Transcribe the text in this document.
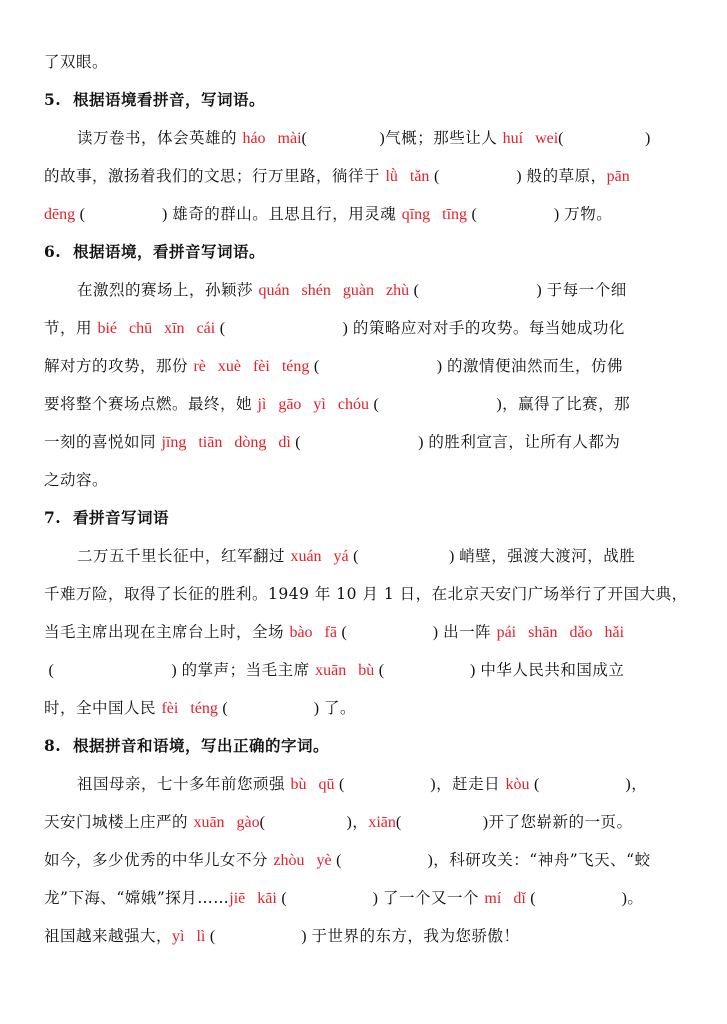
了双眼。
5.  根据语境看拼音，写词语。
读万卷书，体会英雄的 háo   mài(                )气概；那些让人 huí   wei(                  )
的故事，激扬着我们的文思；行万里路，徜徉于 lǜ   tǎn (                 ) 般的草原，pān
dēng (                 ) 雄奇的群山。且思且行，用灵魂 qīng   tīng (                 ) 万物。
6.  根据语境，看拼音写词语。
在激烈的赛场上，孙颖莎 quán   shén   guàn   zhù (                          ) 于每一个细
节，用 bié   chū   xīn   cái (                          ) 的策略应对对手的攻势。每当她成功化
解对方的攻势，那份 rè   xuè   fèi   téng (                          ) 的激情便油然而生，仿佛
要将整个赛场点燃。最终，她 jì   gāo   yì   chóu (                          )，赢得了比赛，那
一刻的喜悦如同 jīng   tiān   dòng   dì (                          ) 的胜利宣言，让所有人都为
之动容。
7.  看拼音写词语
二万五千里长征中，红军翻过 xuán   yá (                    ) 峭壁，强渡大渡河，战胜
千难万险，取得了长征的胜利。1949 年 10 月 1 日，在北京天安门广场举行了开国大典，
当毛主席出现在主席台上时，全场 bào   fā (                   ) 出一阵 pái   shān   dǎo   hǎi
(                          ) 的掌声；当毛主席 xuān   bù (                   ) 中华人民共和国成立
时，全中国人民 fèi   téng (                   ) 了。
8.  根据拼音和语境，写出正确的字词。
祖国母亲，七十多年前您顽强 bù   qū (                   )，赶走日 kòu (                   )，
天安门城楼上庄严的 xuān   gào(                  )，xiān(                  )开了您崭新的一页。
如今，多少优秀的中华儿女不分 zhòu   yè (                   )，科研攻关：“神舟”飞天、“蛟
龙”下海、“嫦娥”探月……jiē   kāi (                   ) 了一个又一个 mí   dǐ (                   )。
祖国越来越强大，yì   lì (                   ) 于世界的东方，我为您骄傲！
